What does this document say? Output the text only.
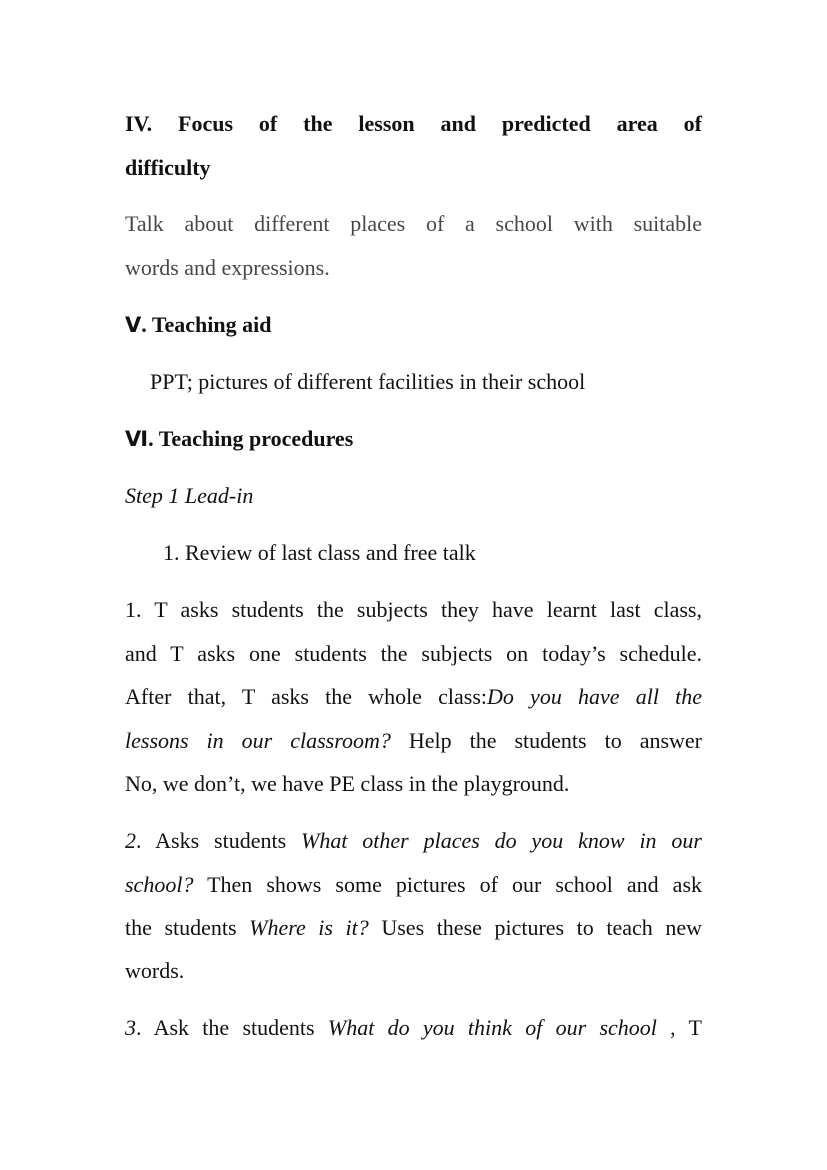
IV. Focus of the lesson and predicted area of
difficulty
Talk about different places of a school with suitable
words and expressions.
Ⅴ. Teaching aid
PPT; pictures of different facilities in their school
Ⅵ. Teaching procedures
Step 1 Lead-in
1. Review of last class and free talk
1. T asks students the subjects they have learnt last class,
and T asks one students the subjects on today’s schedule.
After that, T asks the whole class:Do you have all the
lessons in our classroom? Help the students to answer
No, we don’t, we have PE class in the playground.
2. Asks students What other places do you know in our
school? Then shows some pictures of our school and ask
the students Where is it? Uses these pictures to teach new
words.
3. Ask the students What do you think of our school , T
